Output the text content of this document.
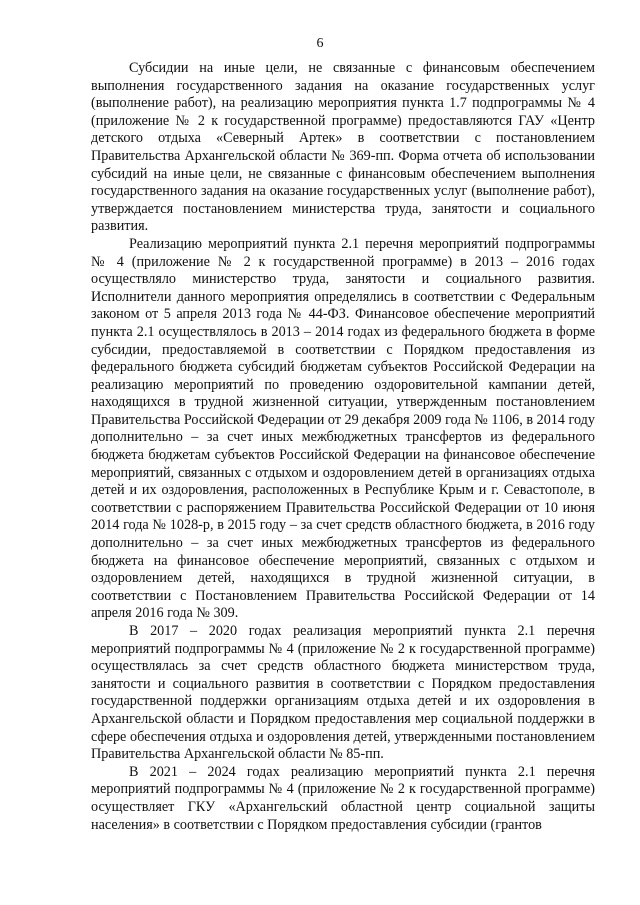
6

Субсидии на иные цели, не связанные с финансовым обеспечением выполнения государственного задания на оказание государственных услуг (выполнение работ), на реализацию мероприятия пункта 1.7 подпрограммы № 4 (приложение № 2 к государственной программе) предоставляются ГАУ «Центр детского отдыха «Северный Артек» в соответствии с постановлением Правительства Архангельской области № 369-пп. Форма отчета об использовании субсидий на иные цели, не связанные с финансовым обеспечением выполнения государственного задания на оказание государственных услуг (выполнение работ), утверждается постановлением министерства труда, занятости и социального развития.

Реализацию мероприятий пункта 2.1 перечня мероприятий подпрограммы № 4 (приложение № 2 к государственной программе) в 2013 – 2016 годах осуществляло министерство труда, занятости и социального развития. Исполнители данного мероприятия определялись в соответствии с Федеральным законом от 5 апреля 2013 года № 44-ФЗ. Финансовое обеспечение мероприятий пункта 2.1 осуществлялось в 2013 – 2014 годах из федерального бюджета в форме субсидии, предоставляемой в соответствии с Порядком предоставления из федерального бюджета субсидий бюджетам субъектов Российской Федерации на реализацию мероприятий по проведению оздоровительной кампании детей, находящихся в трудной жизненной ситуации, утвержденным постановлением Правительства Российской Федерации от 29 декабря 2009 года № 1106, в 2014 году дополнительно – за счет иных межбюджетных трансфертов из федерального бюджета бюджетам субъектов Российской Федерации на финансовое обеспечение мероприятий, связанных с отдыхом и оздоровлением детей в организациях отдыха детей и их оздоровления, расположенных в Республике Крым и г. Севастополе, в соответствии с распоряжением Правительства Российской Федерации от 10 июня 2014 года № 1028-р, в 2015 году – за счет средств областного бюджета, в 2016 году дополнительно – за счет иных межбюджетных трансфертов из федерального бюджета на финансовое обеспечение мероприятий, связанных с отдыхом и оздоровлением детей, находящихся в трудной жизненной ситуации, в соответствии с Постановлением Правительства Российской Федерации от 14 апреля 2016 года № 309.

В 2017 – 2020 годах реализация мероприятий пункта 2.1 перечня мероприятий подпрограммы № 4 (приложение № 2 к государственной программе) осуществлялась за счет средств областного бюджета министерством труда, занятости и социального развития в соответствии с Порядком предоставления государственной поддержки организациям отдыха детей и их оздоровления в Архангельской области и Порядком предоставления мер социальной поддержки в сфере обеспечения отдыха и оздоровления детей, утвержденными постановлением Правительства Архангельской области № 85-пп.

В 2021 – 2024 годах реализацию мероприятий пункта 2.1 перечня мероприятий подпрограммы № 4 (приложение № 2 к государственной программе) осуществляет ГКУ «Архангельский областной центр социальной защиты населения» в соответствии с Порядком предоставления субсидии (грантов
